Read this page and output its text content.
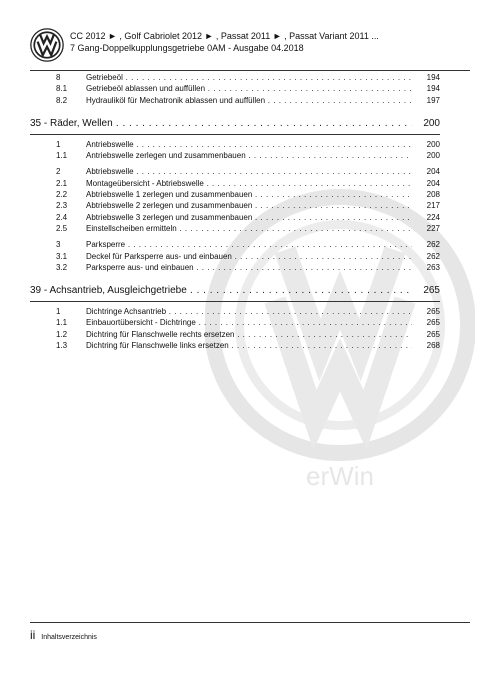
CC 2012 ► , Golf Cabriolet 2012 ► , Passat 2011 ► , Passat Variant 2011 ...
7 Gang-Doppelkupplungsgetriebe 0AM - Ausgabe 04.2018
erWin
8	Getriebeöl . . .	194
8.1 Getriebeöl ablassen und auffüllen . . .	194
8.2 Hydrauliköl für Mechatronik ablassen und auffüllen . . .	197
35 - Räder, Wellen . . .	200
1	Antriebswelle . . .	200
1.1 Antriebswelle zerlegen und zusammenbauen . . .	200
2	Abtriebswelle . . .	204
2.1 Montageübersicht - Abtriebswelle . . .	204
2.2 Abtriebswelle 1 zerlegen und zusammenbauen . . .	208
2.3 Abtriebswelle 2 zerlegen und zusammenbauen . . .	217
2.4 Abtriebswelle 3 zerlegen und zusammenbauen . . .	224
2.5 Einstellscheiben ermitteln . . .	227
3	Parksperre . . .	262
3.1 Deckel für Parksperre aus- und einbauen . . .	262
3.2 Parksperre aus- und einbauen . . .	263
39 - Achsantrieb, Ausgleichgetriebe . . .	265
1	Dichtringe Achsantrieb . . .	265
1.1 Einbauortübersicht - Dichtringe . . .	265
1.2 Dichtring für Flanschwelle rechts ersetzen . . .	265
1.3 Dichtring für Flanschwelle links ersetzen . . .	268
ii Inhaltsverzeichnis
